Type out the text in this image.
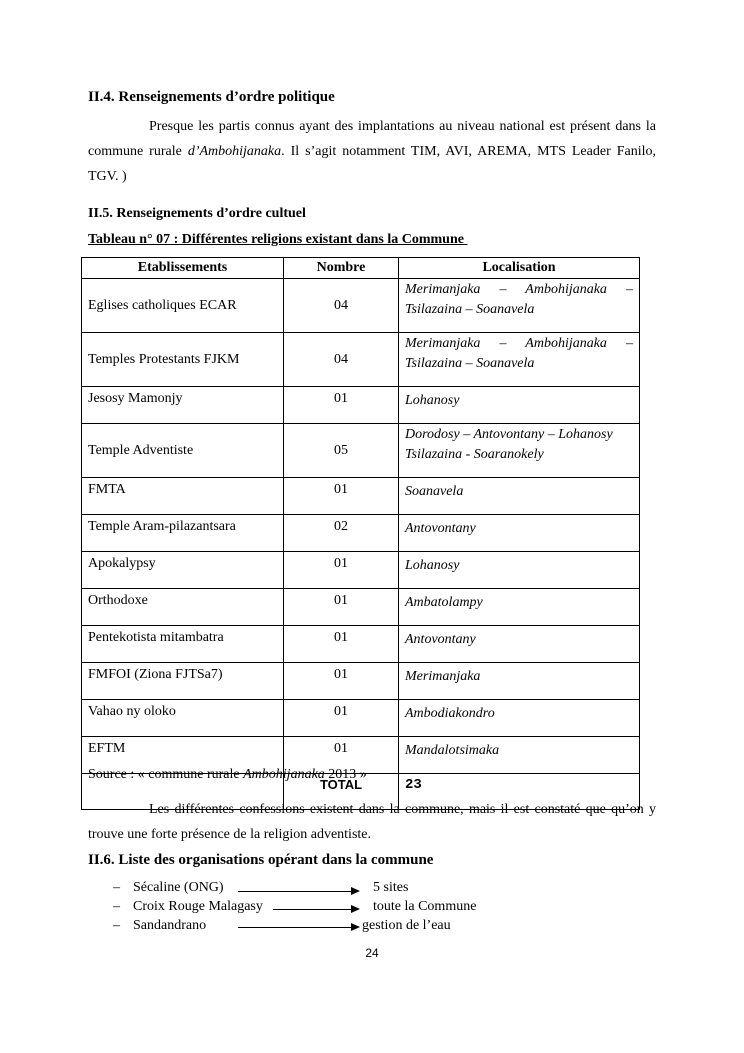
II.4. Renseignements d’ordre politique
Presque les partis connus ayant des implantations au niveau national est présent dans la commune rurale d’Ambohijanaka. Il s’agit notamment TIM, AVI, AREMA, MTS Leader Fanilo, TGV. )
II.5. Renseignements d’ordre cultuel
Tableau n° 07 : Différentes religions existant dans la Commune
Etablissements	Nombre	Localisation
Eglises catholiques ECAR	04	Merimanjaka – Ambohijanaka – Tsilazaina – Soanavela
Temples Protestants FJKM	04	Merimanjaka – Ambohijanaka – Tsilazaina – Soanavela
Jesosy Mamonjy	01	Lohanosy
Temple Adventiste	05	Dorodosy – Antovontany – Lohanosy Tsilazaina - Soaranokely
FMTA	01	Soanavela
Temple Aram-pilazantsara	02	Antovontany
Apokalypsy	01	Lohanosy
Orthodoxe	01	Ambatolampy
Pentekotista mitambatra	01	Antovontany
FMFOI (Ziona FJTSa7)	01	Merimanjaka
Vahao ny oloko	01	Ambodiakondro
EFTM	01	Mandalotsimaka
	TOTAL	23
Source : « commune rurale Ambohijanaka 2013 »
Les différentes confessions existent dans la commune, mais il est constaté que qu’on y trouve une forte présence de la religion adventiste.
II.6. Liste des organisations opérant dans la commune
– Sécaline (ONG)	5 sites
– Croix Rouge Malagasy	toute la Commune
– Sandandrano	gestion de l’eau
24
